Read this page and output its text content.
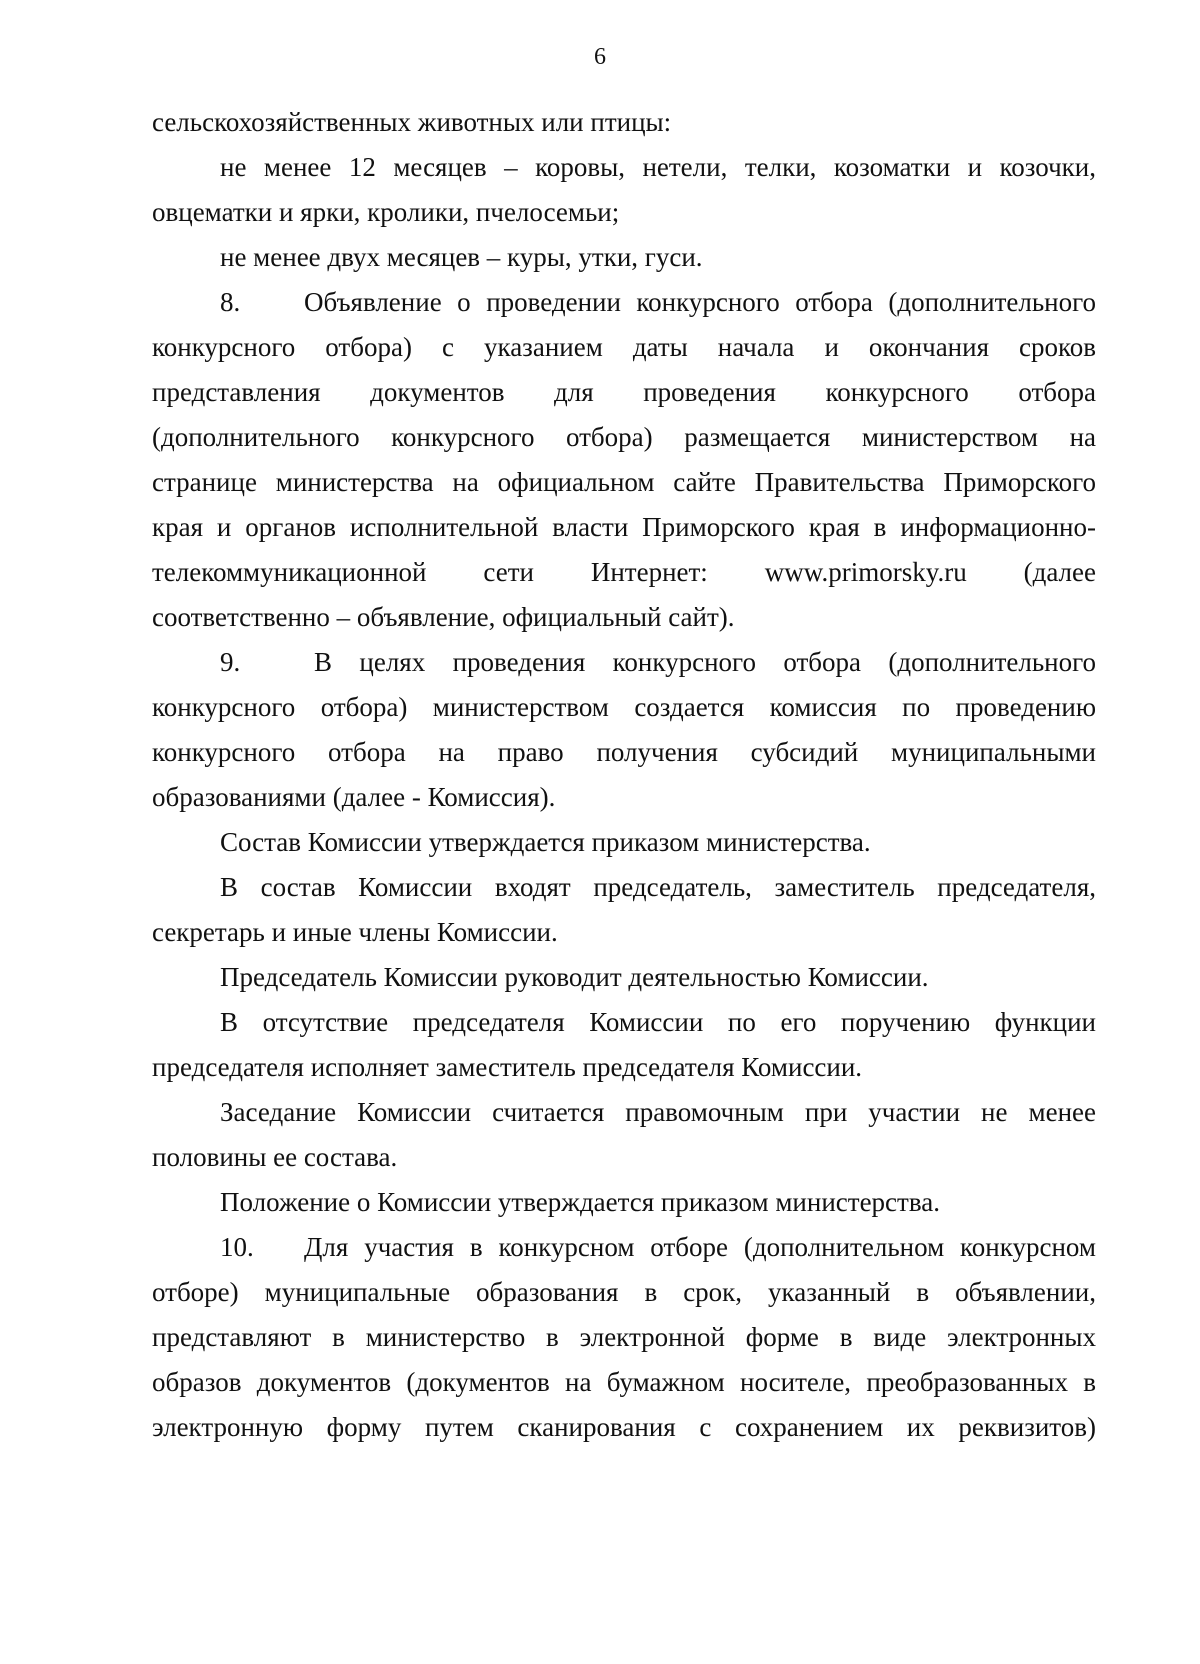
6
сельскохозяйственных животных или птицы:
не менее 12 месяцев – коровы, нетели, телки, козоматки и козочки,
овцематки и ярки, кролики, пчелосемьи;
не менее двух месяцев – куры, утки, гуси.
8. Объявление о проведении конкурсного отбора (дополнительного
конкурсного отбора) с указанием даты начала и окончания сроков
представления документов для проведения конкурсного отбора
(дополнительного конкурсного отбора) размещается министерством на
странице министерства на официальном сайте Правительства Приморского
края и органов исполнительной власти Приморского края в информационно-
телекоммуникационной сети Интернет: www.primorsky.ru (далее
соответственно – объявление, официальный сайт).
9.	В целях проведения конкурсного отбора (дополнительного
конкурсного отбора) министерством создается комиссия по проведению
конкурсного отбора на право получения субсидий муниципальными
образованиями (далее - Комиссия).
Состав Комиссии утверждается приказом министерства.
В состав Комиссии входят председатель, заместитель председателя,
секретарь и иные члены Комиссии.
Председатель Комиссии руководит деятельностью Комиссии.
В отсутствие председателя Комиссии по его поручению функции
председателя исполняет заместитель председателя Комиссии.
Заседание Комиссии считается правомочным при участии не менее
половины ее состава.
Положение о Комиссии утверждается приказом министерства.
10. Для участия в конкурсном отборе (дополнительном конкурсном
отборе) муниципальные образования в срок, указанный в объявлении,
представляют в министерство в электронной форме в виде электронных
образов документов (документов на бумажном носителе, преобразованных в
электронную форму путем сканирования с сохранением их реквизитов)
